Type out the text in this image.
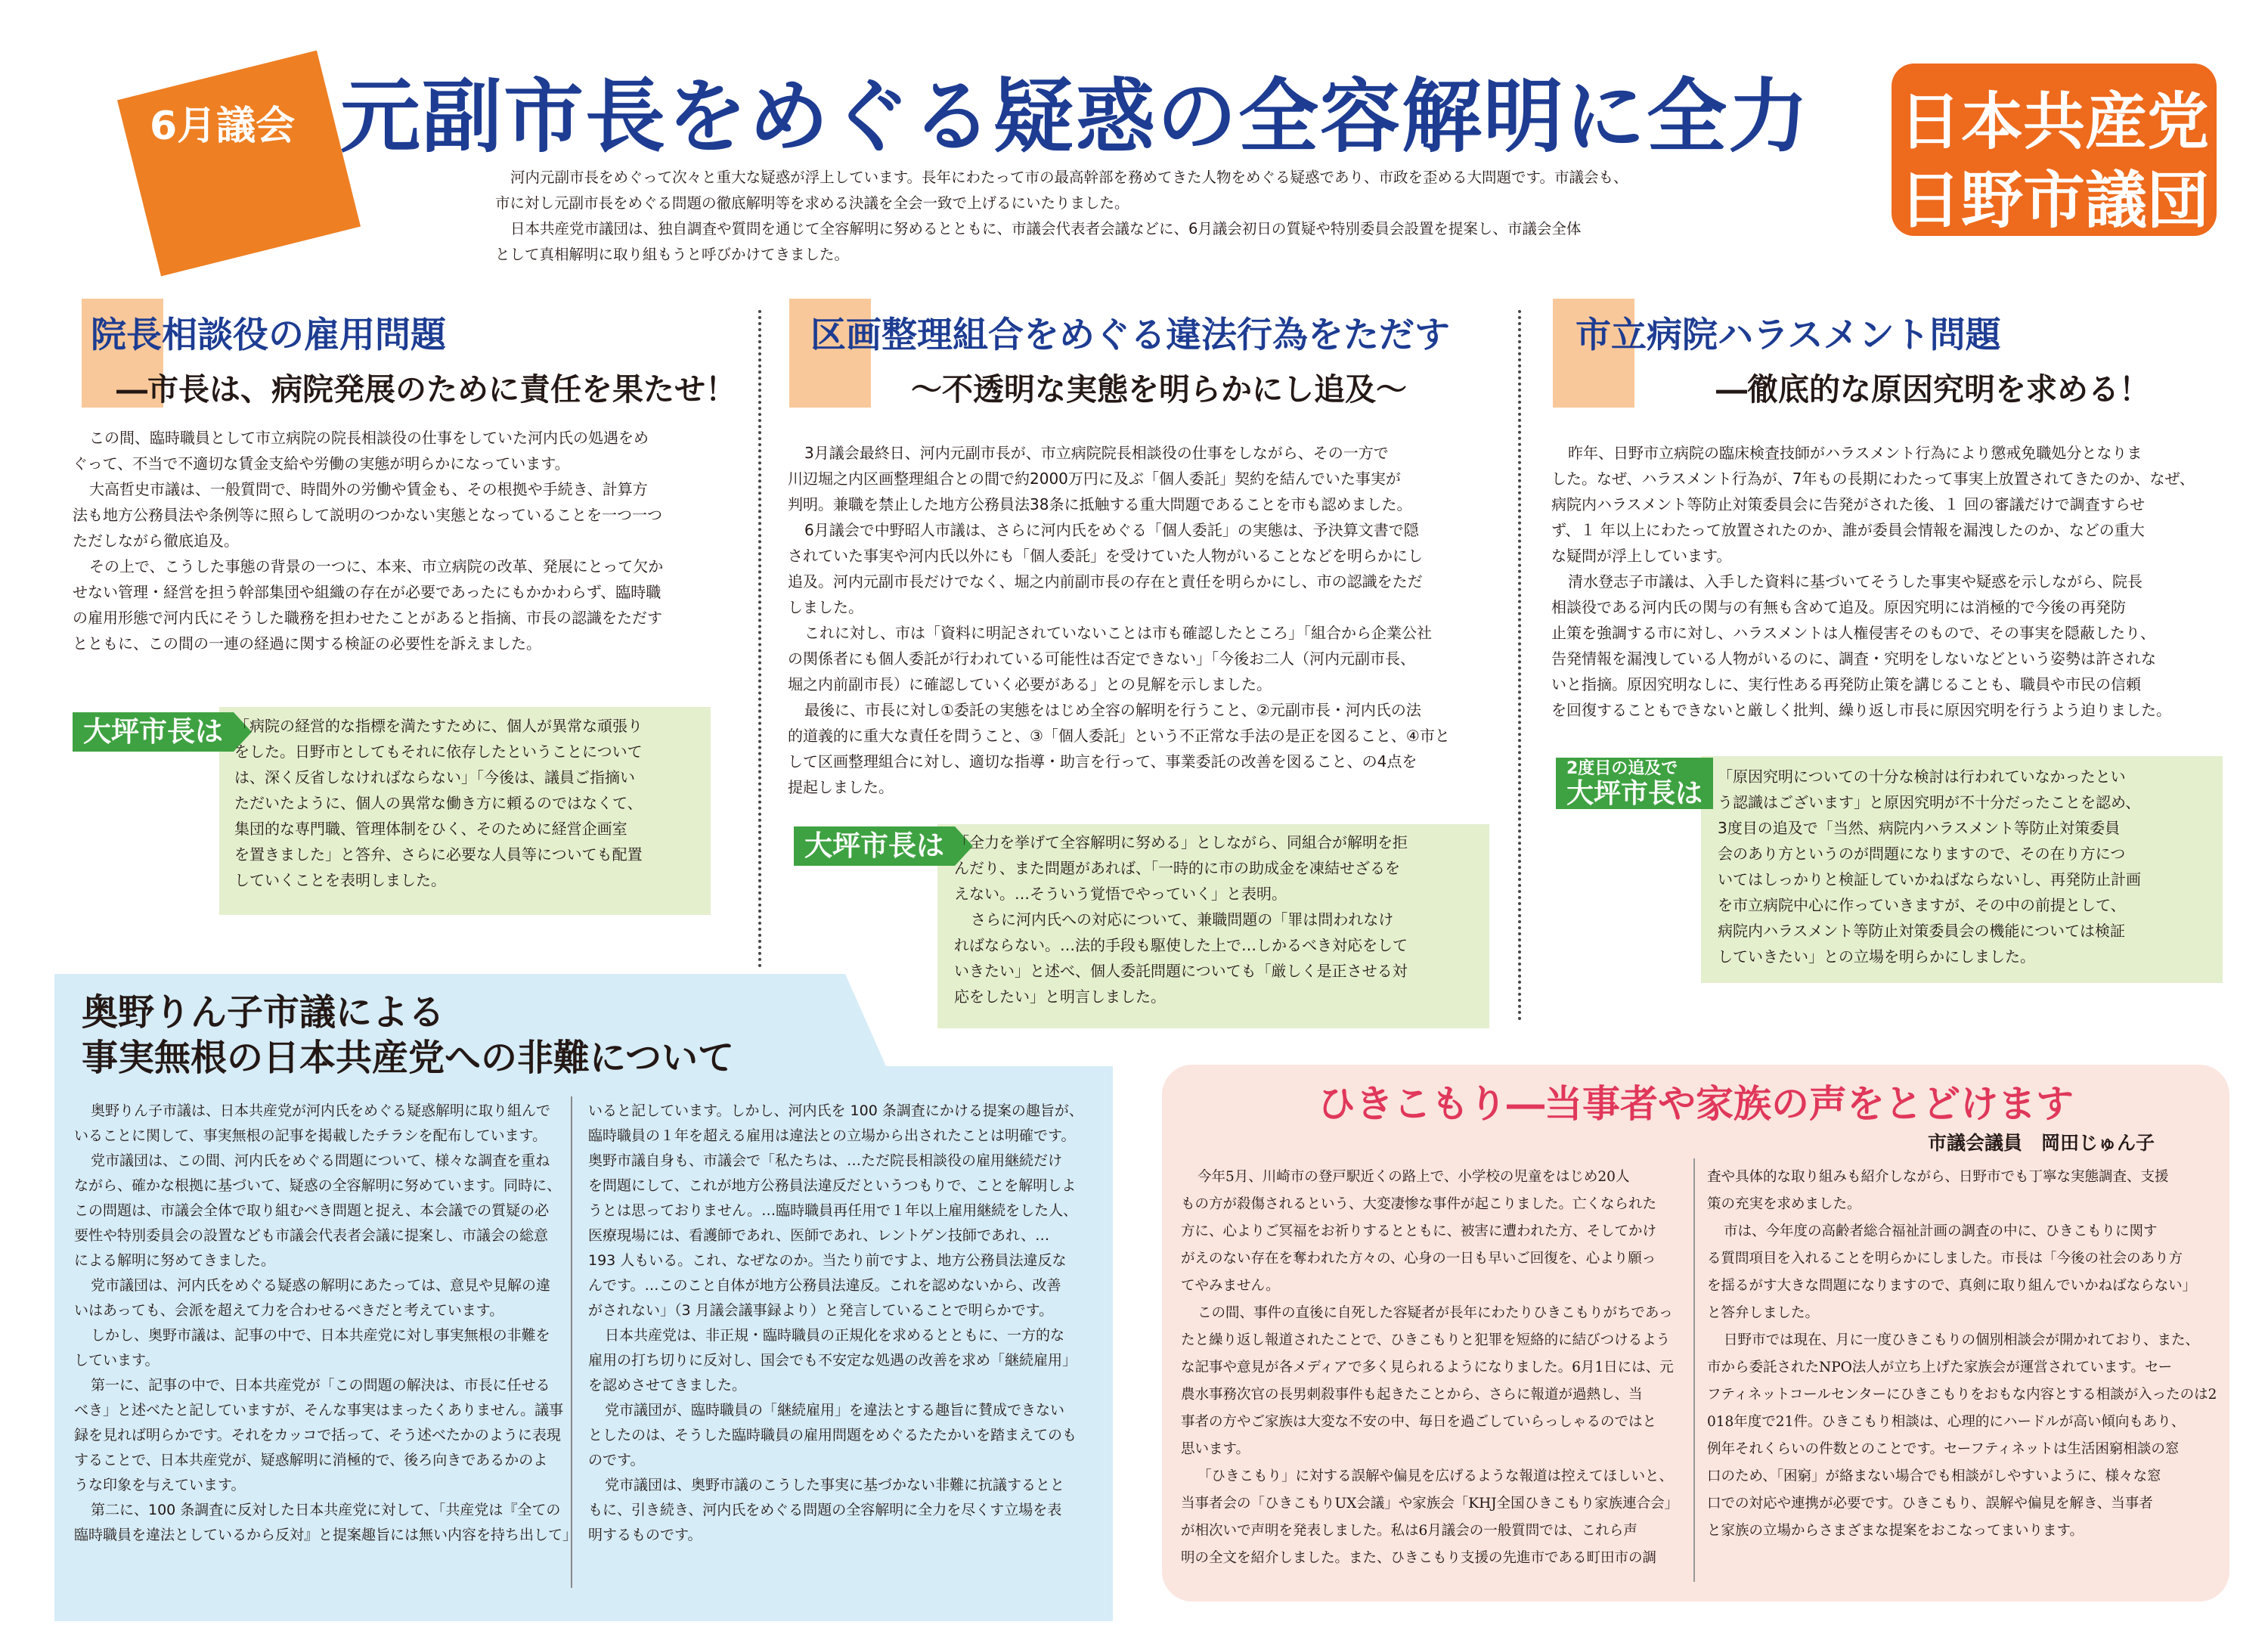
6月議会 元副市長をめぐる疑惑の全容解明に全力 日本共産党
日野市議団
河内元副市長をめぐって次々と重大な疑惑が浮上しています。長年にわたって市の最高幹部を務めてきた人物をめぐる疑惑であり、市政を歪める大問題です。市議会も、
市に対し元副市長をめぐる問題の徹底解明等を求める決議を全会一致で上げるにいたりました。
日本共産党市議団は、独自調査や質問を通じて全容解明に努めるとともに、市議会代表者会議などに、6月議会初日の質疑や特別委員会設置を提案し、市議会全体
として真相解明に取り組もうと呼びかけてきました。
院長相談役の雇用問題
―市長は、病院発展のために責任を果たせ！
この間、臨時職員として市立病院の院長相談役の仕事をしていた河内氏の処遇をめ
ぐって、不当で不適切な賃金支給や労働の実態が明らかになっています。
大高哲史市議は、一般質問で、時間外の労働や賃金も、その根拠や手続き、計算方
法も地方公務員法や条例等に照らして説明のつかない実態となっていることを一つ一つ
ただしながら徹底追及。
その上で、こうした事態の背景の一つに、本来、市立病院の改革、発展にとって欠か
せない管理・経営を担う幹部集団や組織の存在が必要であったにもかかわらず、臨時職
の雇用形態で河内氏にそうした職務を担わせたことがあると指摘、市長の認識をただす
とともに、この間の一連の経過に関する検証の必要性を訴えました。
大坪市長は 「病院の経営的な指標を満たすために、個人が異常な頑張り
をした。日野市としてもそれに依存したということについて
は、深く反省しなければならない」「今後は、議員ご指摘い
ただいたように、個人の異常な働き方に頼るのではなくて、
集団的な専門職、管理体制をひく、そのために経営企画室
を置きました」と答弁、さらに必要な人員等についても配置
していくことを表明しました。
区画整理組合をめぐる違法行為をただす
～不透明な実態を明らかにし追及～
3月議会最終日、河内元副市長が、市立病院院長相談役の仕事をしながら、その一方で
川辺堀之内区画整理組合との間で約2000万円に及ぶ「個人委託」契約を結んでいた事実が
判明。兼職を禁止した地方公務員法38条に抵触する重大問題であることを市も認めました。
6月議会で中野昭人市議は、さらに河内氏をめぐる「個人委託」の実態は、予決算文書で隠
されていた事実や河内氏以外にも「個人委託」を受けていた人物がいることなどを明らかにし
追及。河内元副市長だけでなく、堀之内前副市長の存在と責任を明らかにし、市の認識をただ
しました。
これに対し、市は「資料に明記されていないことは市も確認したところ」「組合から企業公社
の関係者にも個人委託が行われている可能性は否定できない」「今後お二人（河内元副市長、
堀之内前副市長）に確認していく必要がある」との見解を示しました。
最後に、市長に対し①委託の実態をはじめ全容の解明を行うこと、②元副市長・河内氏の法
的道義的に重大な責任を問うこと、③「個人委託」という不正常な手法の是正を図ること、④市と
して区画整理組合に対し、適切な指導・助言を行って、事業委託の改善を図ること、の4点を
提起しました。
大坪市長は 「全力を挙げて全容解明に努める」としながら、同組合が解明を拒
んだり、また問題があれば、「一時的に市の助成金を凍結せざるを
えない。…そういう覚悟でやっていく」と表明。
さらに河内氏への対応について、兼職問題の「罪は問われなけ
ればならない。…法的手段も駆使した上で…しかるべき対応をして
いきたい」と述べ、個人委託問題についても「厳しく是正させる対
応をしたい」と明言しました。
市立病院ハラスメント問題
―徹底的な原因究明を求める！
昨年、日野市立病院の臨床検査技師がハラスメント行為により懲戒免職処分となりま
した。なぜ、ハラスメント行為が、7年もの長期にわたって事実上放置されてきたのか、なぜ、
病院内ハラスメント等防止対策委員会に告発がされた後、１ 回の審議だけで調査すらせ
ず、１ 年以上にわたって放置されたのか、誰が委員会情報を漏洩したのか、などの重大
な疑問が浮上しています。
清水登志子市議は、入手した資料に基づいてそうした事実や疑惑を示しながら、院長
相談役である河内氏の関与の有無も含めて追及。原因究明には消極的で今後の再発防
止策を強調する市に対し、ハラスメントは人権侵害そのもので、その事実を隠蔽したり、
告発情報を漏洩している人物がいるのに、調査・究明をしないなどという姿勢は許されな
いと指摘。原因究明なしに、実行性ある再発防止策を講じることも、職員や市民の信頼
を回復することもできないと厳しく批判、繰り返し市長に原因究明を行うよう迫りました。
2度目の追及で
大坪市長は
「原因究明についての十分な検討は行われていなかったとい
う認識はございます」と原因究明が不十分だったことを認め、
3度目の追及で「当然、病院内ハラスメント等防止対策委員
会のあり方というのが問題になりますので、その在り方につ
いてはしっかりと検証していかねばならないし、再発防止計画
を市立病院中心に作っていきますが、その中の前提として、
病院内ハラスメント等防止対策委員会の機能については検証
していきたい」との立場を明らかにしました。
奥野りん子市議による
事実無根の日本共産党への非難について
奥野りん子市議は、日本共産党が河内氏をめぐる疑惑解明に取り組んで
いることに関して、事実無根の記事を掲載したチラシを配布しています。
党市議団は、この間、河内氏をめぐる問題について、様々な調査を重ね
ながら、確かな根拠に基づいて、疑惑の全容解明に努めています。同時に、
この問題は、市議会全体で取り組むべき問題と捉え、本会議での質疑の必
要性や特別委員会の設置なども市議会代表者会議に提案し、市議会の総意
による解明に努めてきました。
党市議団は、河内氏をめぐる疑惑の解明にあたっては、意見や見解の違
いはあっても、会派を超えて力を合わせるべきだと考えています。
しかし、奥野市議は、記事の中で、日本共産党に対し事実無根の非難を
しています。
第一に、記事の中で、日本共産党が「この問題の解決は、市長に任せる
べき」と述べたと記していますが、そんな事実はまったくありません。議事
録を見れば明らかです。それをカッコで括って、そう述べたかのように表現
することで、日本共産党が、疑惑解明に消極的で、後ろ向きであるかのよ
うな印象を与えています。
第二に、100 条調査に反対した日本共産党に対して、「共産党は『全ての
臨時職員を違法としているから反対』と提案趣旨には無い内容を持ち出して」
いると記しています。しかし、河内氏を 100 条調査にかける提案の趣旨が、
臨時職員の１年を超える雇用は違法との立場から出されたことは明確です。
奥野市議自身も、市議会で「私たちは、…ただ院長相談役の雇用継続だけ
を問題にして、これが地方公務員法違反だというつもりで、ことを解明しよ
うとは思っておりません。…臨時職員再任用で１年以上雇用継続をした人、
医療現場には、看護師であれ、医師であれ、レントゲン技師であれ、…
193 人もいる。これ、なぜなのか。当たり前ですよ、地方公務員法違反な
んです。…このこと自体が地方公務員法違反。これを認めないから、改善
がされない」（3 月議会議事録より）と発言していることで明らかです。
日本共産党は、非正規・臨時職員の正規化を求めるとともに、一方的な
雇用の打ち切りに反対し、国会でも不安定な処遇の改善を求め「継続雇用」
を認めさせてきました。
党市議団が、臨時職員の「継続雇用」を違法とする趣旨に賛成できない
としたのは、そうした臨時職員の雇用問題をめぐるたたかいを踏まえてのも
のです。
党市議団は、奥野市議のこうした事実に基づかない非難に抗議するとと
もに、引き続き、河内氏をめぐる問題の全容解明に全力を尽くす立場を表
明するものです。
ひきこもり―当事者や家族の声をとどけます
市議会議員　岡田じゅん子
今年5月、川崎市の登戸駅近くの路上で、小学校の児童をはじめ20人
もの方が殺傷されるという、大変凄惨な事件が起こりました。亡くなられた
方に、心よりご冥福をお祈りするとともに、被害に遭われた方、そしてかけ
がえのない存在を奪われた方々の、心身の一日も早いご回復を、心より願っ
てやみません。
この間、事件の直後に自死した容疑者が長年にわたりひきこもりがちであっ
たと繰り返し報道されたことで、ひきこもりと犯罪を短絡的に結びつけるよう
な記事や意見が各メディアで多く見られるようになりました。6月1日には、元
農水事務次官の長男刺殺事件も起きたことから、さらに報道が過熱し、当
事者の方やご家族は大変な不安の中、毎日を過ごしていらっしゃるのではと
思います。
「ひきこもり」に対する誤解や偏見を広げるような報道は控えてほしいと、
当事者会の「ひきこもりUX会議」や家族会「KHJ全国ひきこもり家族連合会」
が相次いで声明を発表しました。私は6月議会の一般質問では、これら声
明の全文を紹介しました。また、ひきこもり支援の先進市である町田市の調
査や具体的な取り組みも紹介しながら、日野市でも丁寧な実態調査、支援
策の充実を求めました。
市は、今年度の高齢者総合福祉計画の調査の中に、ひきこもりに関す
る質問項目を入れることを明らかにしました。市長は「今後の社会のあり方
を揺るがす大きな問題になりますので、真剣に取り組んでいかねばならない」
と答弁しました。
日野市では現在、月に一度ひきこもりの個別相談会が開かれており、また、
市から委託されたNPO法人が立ち上げた家族会が運営されています。セー
フティネットコールセンターにひきこもりをおもな内容とする相談が入ったのは2
018年度で21件。ひきこもり相談は、心理的にハードルが高い傾向もあり、
例年それくらいの件数とのことです。セーフティネットは生活困窮相談の窓
口のため、「困窮」が絡まない場合でも相談がしやすいように、様々な窓
口での対応や連携が必要です。ひきこもり、誤解や偏見を解き、当事者
と家族の立場からさまざまな提案をおこなってまいります。
